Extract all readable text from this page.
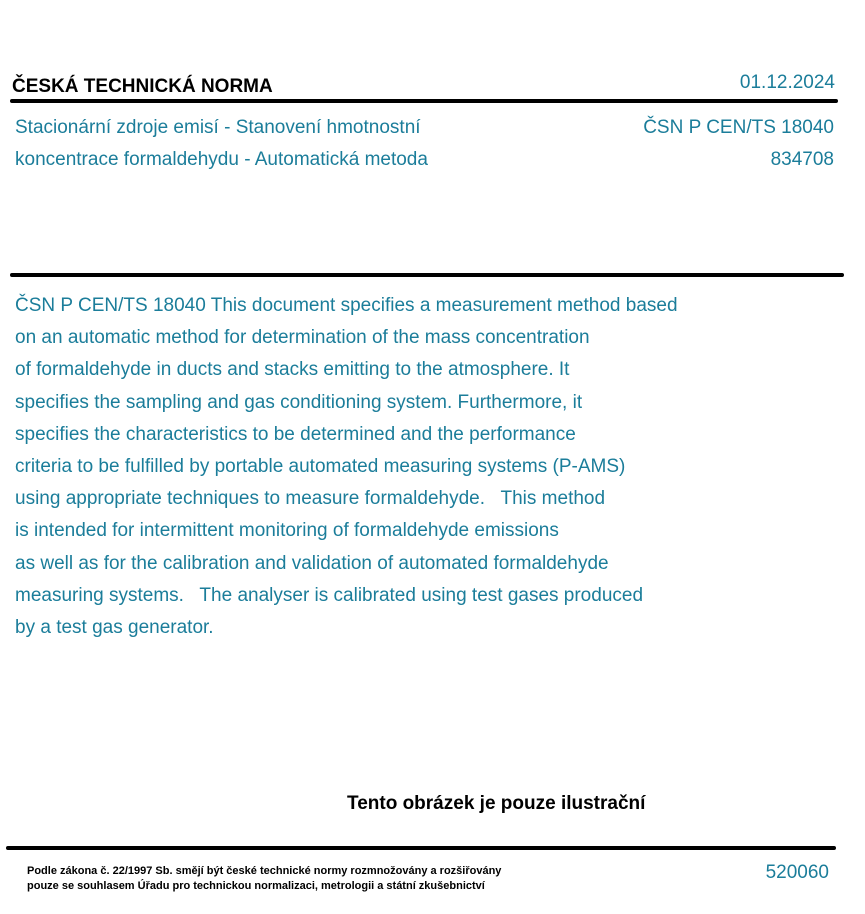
ČESKÁ TECHNICKÁ NORMA	01.12.2024
Stacionární zdroje emisí - Stanovení hmotnostní
koncentrace formaldehydu - Automatická metoda
ČSN P CEN/TS 18040
834708
ČSN P CEN/TS 18040 This document specifies a measurement method based
on an automatic method for determination of the mass concentration
of formaldehyde in ducts and stacks emitting to the atmosphere. It
specifies the sampling and gas conditioning system. Furthermore, it
specifies the characteristics to be determined and the performance
criteria to be fulfilled by portable automated measuring systems (P-AMS)
using appropriate techniques to measure formaldehyde.   This method
is intended for intermittent monitoring of formaldehyde emissions
as well as for the calibration and validation of automated formaldehyde
measuring systems.   The analyser is calibrated using test gases produced
by a test gas generator.
Tento obrázek je pouze ilustrační
Podle zákona č. 22/1997 Sb. smějí být české technické normy rozmnožovány a rozšiřovány
pouze se souhlasem Úřadu pro technickou normalizaci, metrologii a státní zkušebnictví
520060
